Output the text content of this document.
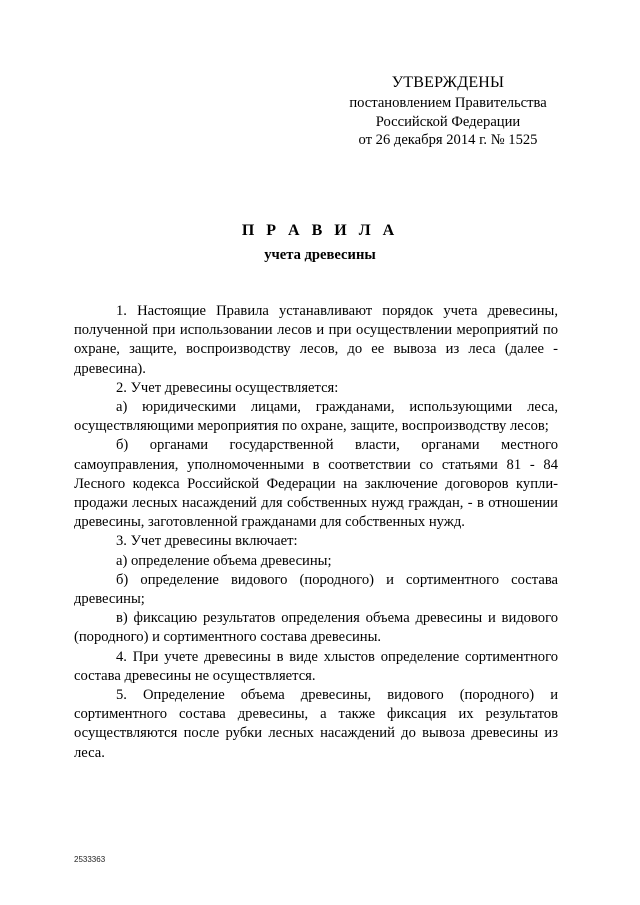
УТВЕРЖДЕНЫ
постановлением Правительства
Российской Федерации
от 26 декабря 2014 г. № 1525
П Р А В И Л А
учета древесины

1. Настоящие Правила устанавливают порядок учета древесины, полученной при использовании лесов и при осуществлении мероприятий по охране, защите, воспроизводству лесов, до ее вывоза из леса (далее - древесина).

2. Учет древесины осуществляется:

а) юридическими лицами, гражданами, использующими леса, осуществляющими мероприятия по охране, защите, воспроизводству лесов;

б) органами государственной власти, органами местного самоуправления, уполномоченными в соответствии со статьями 81 - 84 Лесного кодекса Российской Федерации на заключение договоров купли-продажи лесных насаждений для собственных нужд граждан, - в отношении древесины, заготовленной гражданами для собственных нужд.

3. Учет древесины включает:

а) определение объема древесины;

б) определение видового (породного) и сортиментного состава древесины;

в) фиксацию результатов определения объема древесины и видового (породного) и сортиментного состава древесины.

4. При учете древесины в виде хлыстов определение сортиментного состава древесины не осуществляется.

5. Определение объема древесины, видового (породного) и сортиментного состава древесины, а также фиксация их результатов осуществляются после рубки лесных насаждений до вывоза древесины из леса.

2533363
